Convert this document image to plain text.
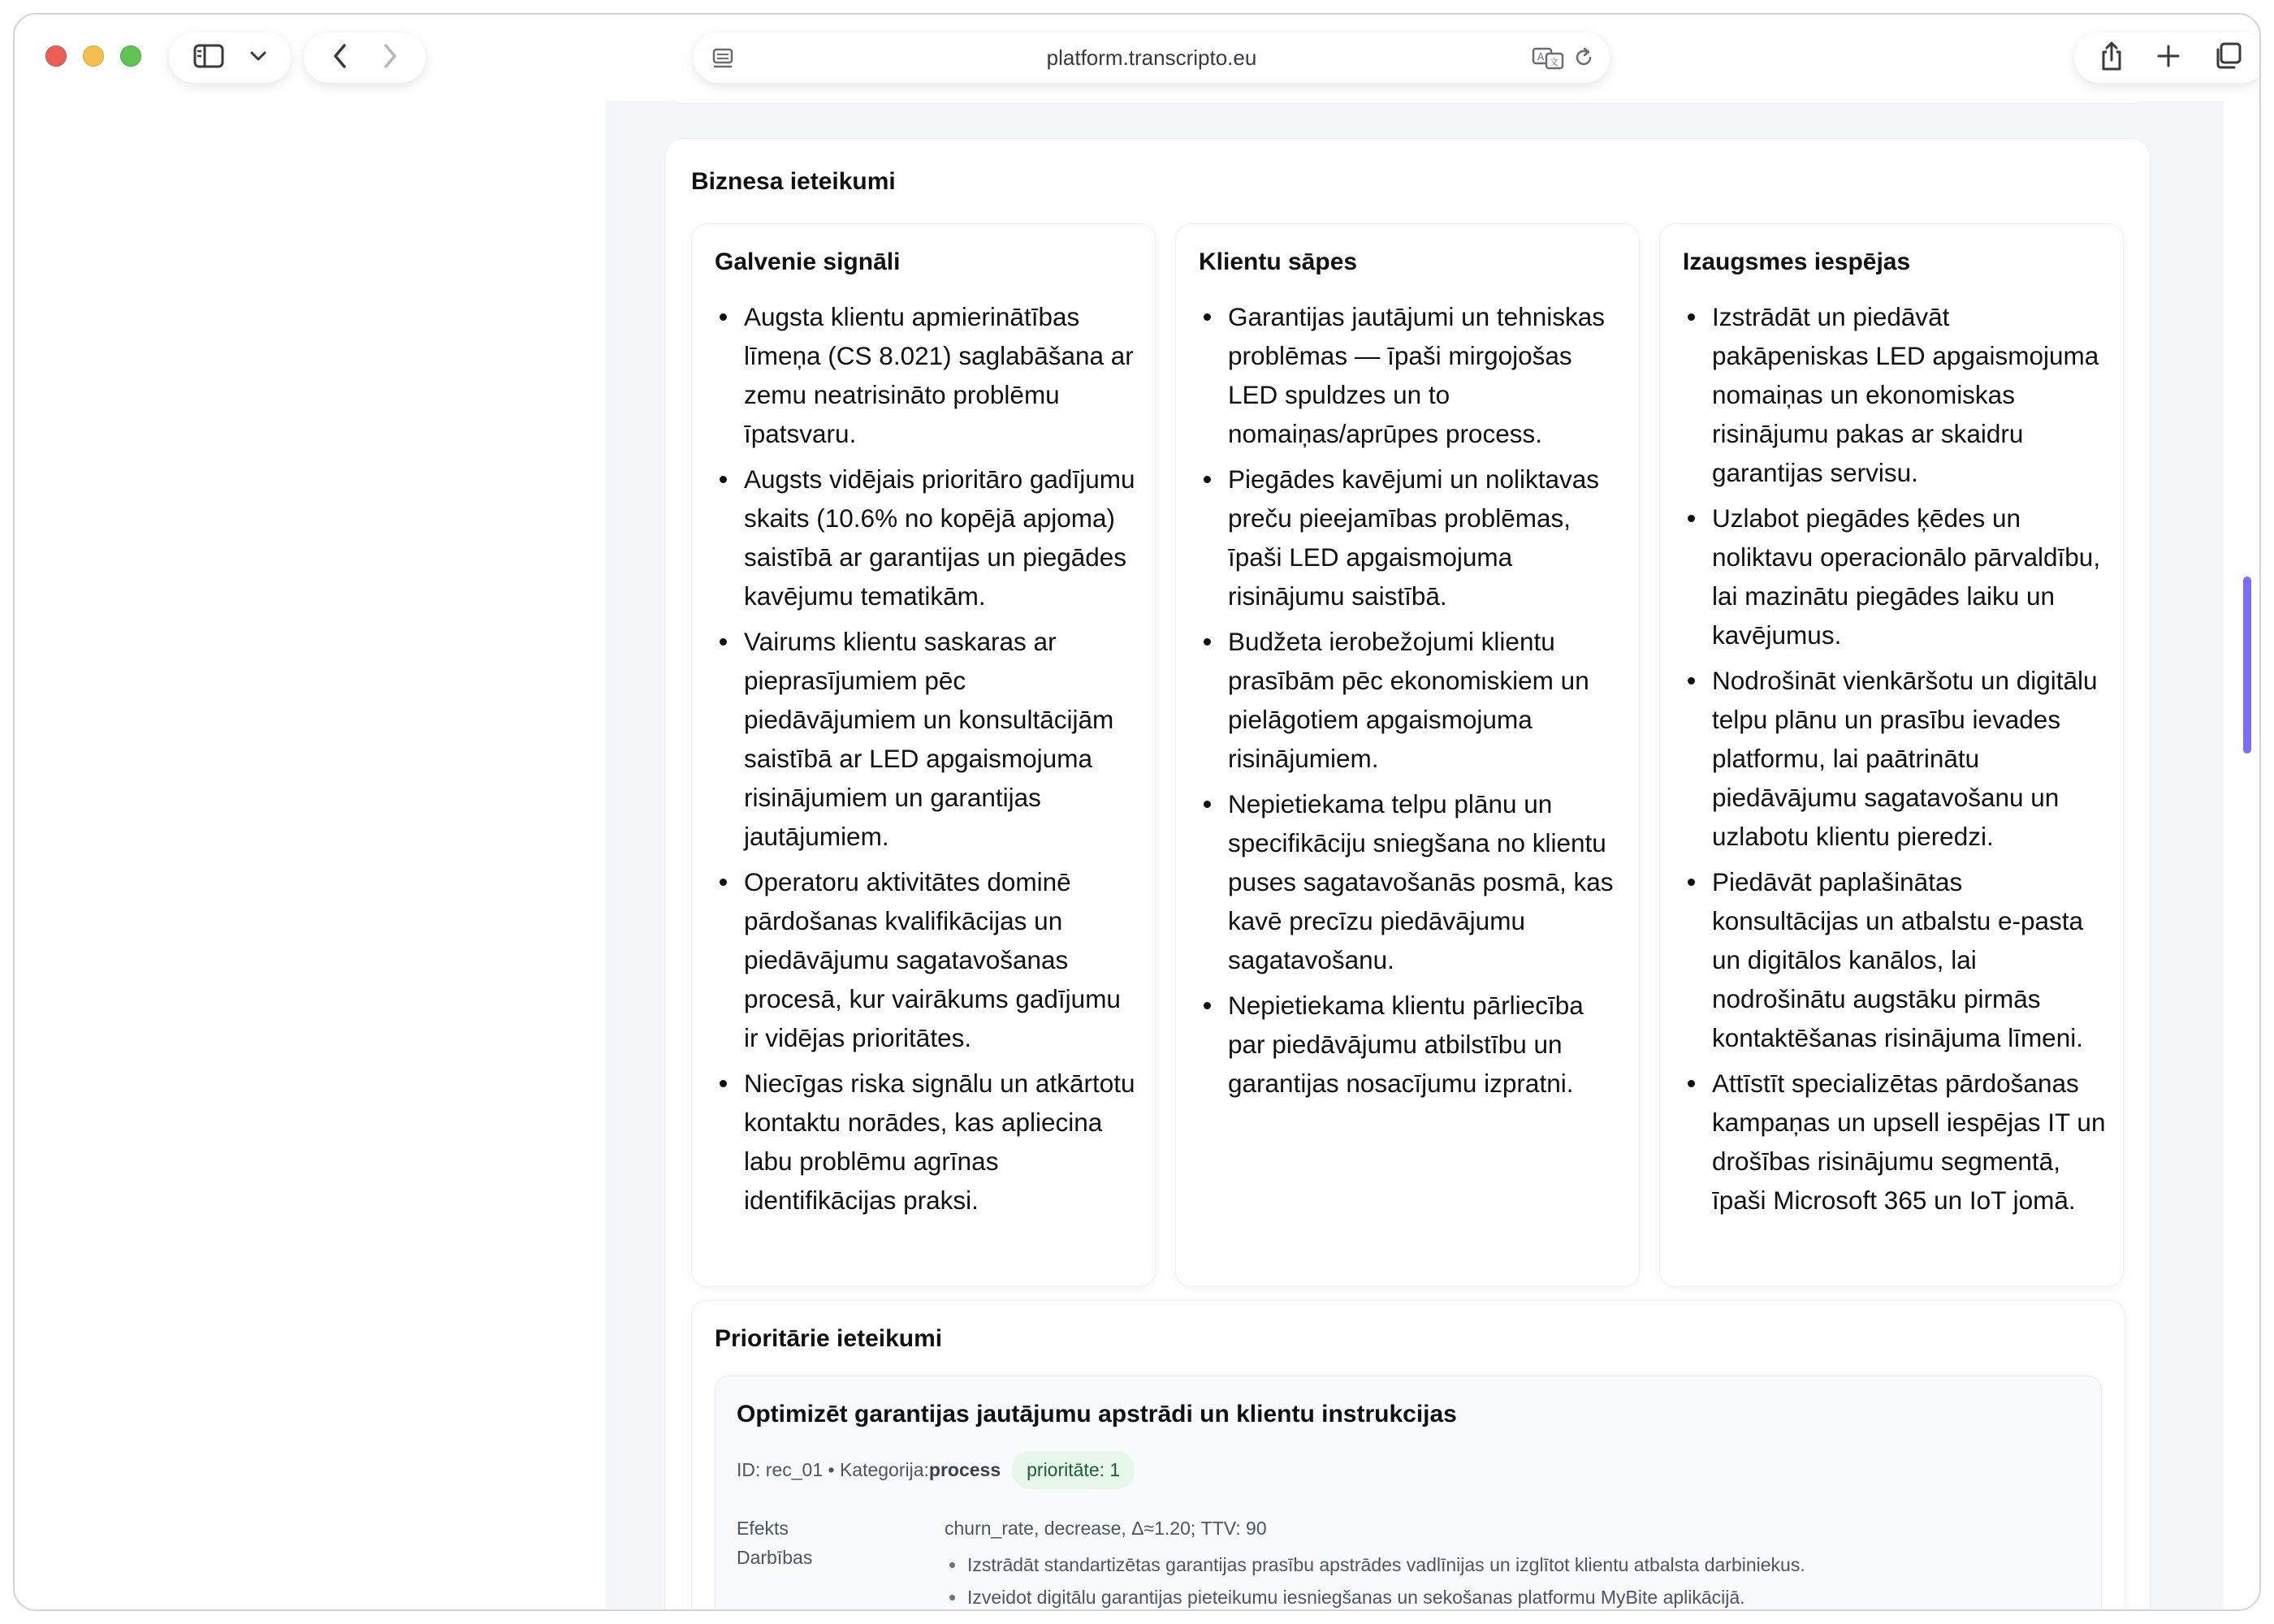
platform.transcripto.eu	A 文
Biznesa ieteikumi
Galvenie signāli
Augsta klientu apmierinātības līmeņa (CS 8.021) saglabāšana ar zemu neatrisināto problēmu īpatsvaru.
Augsts vidējais prioritāro gadījumu skaits (10.6% no kopējā apjoma) saistībā ar garantijas un piegādes kavējumu tematikām.
Vairums klientu saskaras ar pieprasījumiem pēc piedāvājumiem un konsultācijām saistībā ar LED apgaismojuma risinājumiem un garantijas jautājumiem.
Operatoru aktivitātes dominē pārdošanas kvalifikācijas un piedāvājumu sagatavošanas procesā, kur vairākums gadījumu ir vidējas prioritātes.
Niecīgas riska signālu un atkārtotu kontaktu norādes, kas apliecina labu problēmu agrīnas identifikācijas praksi.
Klientu sāpes
Garantijas jautājumi un tehniskas problēmas — īpaši mirgojošas LED spuldzes un to nomaiņas/aprūpes process.
Piegādes kavējumi un noliktavas preču pieejamības problēmas, īpaši LED apgaismojuma risinājumu saistībā.
Budžeta ierobežojumi klientu prasībām pēc ekonomiskiem un pielāgotiem apgaismojuma risinājumiem.
Nepietiekama telpu plānu un specifikāciju sniegšana no klientu puses sagatavošanās posmā, kas kavē precīzu piedāvājumu sagatavošanu.
Nepietiekama klientu pārliecība par piedāvājumu atbilstību un garantijas nosacījumu izpratni.
Izaugsmes iespējas
Izstrādāt un piedāvāt pakāpeniskas LED apgaismojuma nomaiņas un ekonomiskas risinājumu pakas ar skaidru garantijas servisu.
Uzlabot piegādes ķēdes un noliktavu operacionālo pārvaldību, lai mazinātu piegādes laiku un kavējumus.
Nodrošināt vienkāršotu un digitālu telpu plānu un prasību ievades platformu, lai paātrinātu piedāvājumu sagatavošanu un uzlabotu klientu pieredzi.
Piedāvāt paplašinātas konsultācijas un atbalstu e-pasta un digitālos kanālos, lai nodrošinātu augstāku pirmās kontaktēšanas risinājuma līmeni.
Attīstīt specializētas pārdošanas kampaņas un upsell iespējas IT un drošības risinājumu segmentā, īpaši Microsoft 365 un IoT jomā.
Prioritārie ieteikumi
Optimizēt garantijas jautājumu apstrādi un klientu instrukcijas
ID: rec_01 • Kategorija: process	prioritāte: 1
Efekts	churn_rate, decrease, Δ≈1.20; TTV: 90
Darbības	Izstrādāt standartizētas garantijas prasību apstrādes vadlīnijas un izglītot klientu atbalsta darbiniekus.
Izveidot digitālu garantijas pieteikumu iesniegšanas un sekošanas platformu MyBite aplikācijā.
